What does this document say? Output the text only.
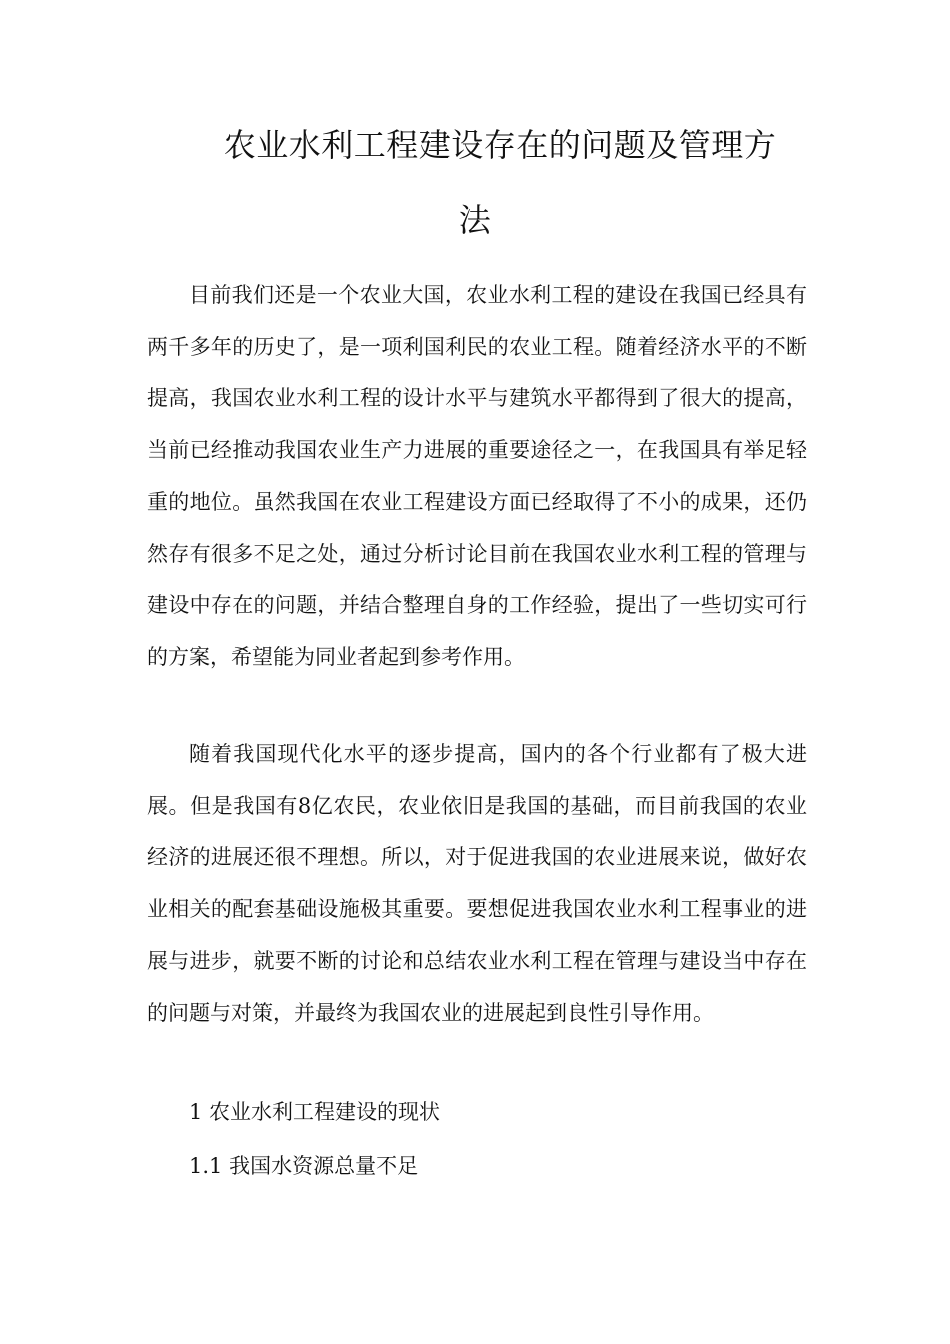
农业水利工程建设存在的问题及管理方
法

目前我们还是一个农业大国，农业水利工程的建设在我国已经具有两千多年的历史了，是一项利国利民的农业工程。随着经济水平的不断提高，我国农业水利工程的设计水平与建筑水平都得到了很大的提高，当前已经推动我国农业生产力进展的重要途径之一，在我国具有举足轻重的地位。虽然我国在农业工程建设方面已经取得了不小的成果，还仍然存有很多不足之处，通过分析讨论目前在我国农业水利工程的管理与建设中存在的问题，并结合整理自身的工作经验，提出了一些切实可行的方案，希望能为同业者起到参考作用。

随着我国现代化水平的逐步提高，国内的各个行业都有了极大进展。但是我国有8亿农民，农业依旧是我国的基础，而目前我国的农业经济的进展还很不理想。所以，对于促进我国的农业进展来说，做好农业相关的配套基础设施极其重要。要想促进我国农业水利工程事业的进展与进步，就要不断的讨论和总结农业水利工程在管理与建设当中存在的问题与对策，并最终为我国农业的进展起到良性引导作用。

1 农业水利工程建设的现状
1.1 我国水资源总量不足
